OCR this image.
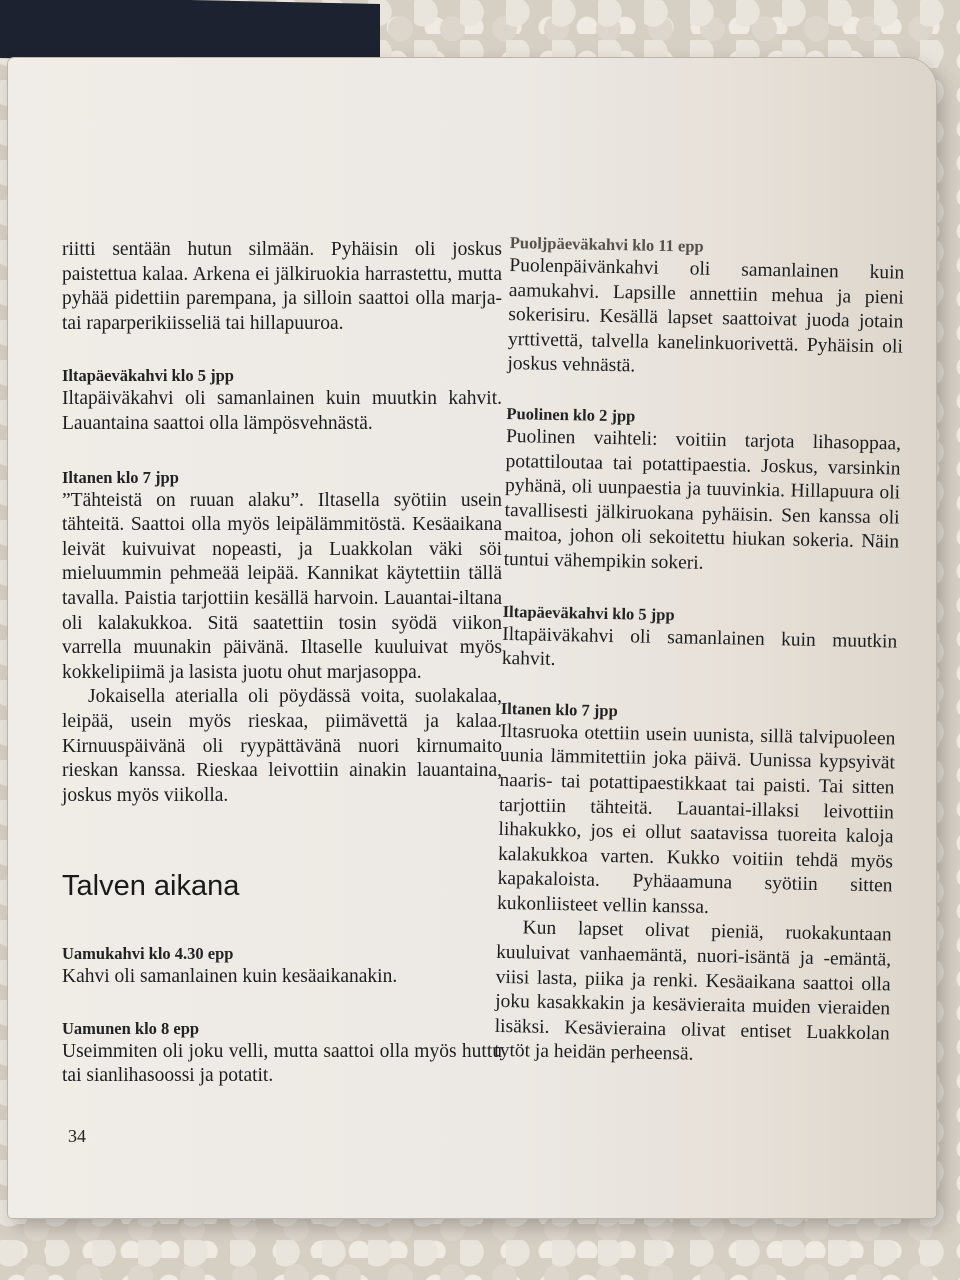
riitti sentään hutun silmään. Pyhäisin oli joskus paistettua kalaa. Arkena ei jälkiruokia harrastettu, mutta pyhää pidettiin parempana, ja silloin saattoi olla marja- tai raparperikiisseliä tai hillapuuroa.

Iltapäeväkahvi klo 5 jpp

Iltapäiväkahvi oli samanlainen kuin muutkin kahvit. Lauantaina saattoi olla lämpösvehnästä.

Iltanen klo 7 jpp

”Tähteistä on ruuan alaku”. Iltasella syötiin usein tähteitä. Saattoi olla myös leipälämmitöstä. Kesäaikana leivät kuivuivat nopeasti, ja Luakkolan väki söi mieluummin pehmeää leipää. Kannikat käytettiin tällä tavalla. Paistia tarjottiin kesällä harvoin. Lauantai-iltana oli kalakukkoa. Sitä saatettiin tosin syödä viikon varrella muunakin päivänä. Iltaselle kuuluivat myös kokkelipiimä ja lasista juotu ohut marjasoppa.

Jokaisella aterialla oli pöydässä voita, suolakalaa, leipää, usein myös rieskaa, piimävettä ja kalaa. Kirnuuspäivänä oli ryypättävänä nuori kirnumaito rieskan kanssa. Rieskaa leivottiin ainakin lauantaina, joskus myös viikolla.

Talven aikana

Uamukahvi klo 4.30 epp

Kahvi oli samanlainen kuin kesäaikanakin.

Uamunen klo 8 epp

Useimmiten oli joku velli, mutta saattoi olla myös huttu tai sianlihasoossi ja potatit.

34

Puoljpäeväkahvi klo 11 epp

Puolenpäivänkahvi oli samanlainen kuin aamukahvi. Lapsille annettiin mehua ja pieni sokerisiru. Kesällä lapset saattoivat juoda jotain yrttivettä, talvella kanelinkuorivettä. Pyhäisin oli joskus vehnästä.

Puolinen klo 2 jpp

Puolinen vaihteli: voitiin tarjota lihasoppaa, potattiloutaa tai potattipaestia. Joskus, varsinkin pyhänä, oli uunpaestia ja tuuvinkia. Hillapuura oli tavallisesti jälkiruokana pyhäisin. Sen kanssa oli maitoa, johon oli sekoitettu hiukan sokeria. Näin tuntui vähempikin sokeri.

Iltapäeväkahvi klo 5 jpp

Iltapäiväkahvi oli samanlainen kuin muutkin kahvit.

Iltanen klo 7 jpp

Iltasruoka otettiin usein uunista, sillä talvipuoleen uunia lämmitettiin joka päivä. Uunissa kypsyivät naaris- tai potattipaestikkaat tai paisti. Tai sitten tarjottiin tähteitä. Lauantai-illaksi leivottiin lihakukko, jos ei ollut saatavissa tuoreita kaloja kalakukkoa varten. Kukko voitiin tehdä myös kapakaloista. Pyhäaamuna syötiin sitten kukonliisteet vellin kanssa.

Kun lapset olivat pieniä, ruokakuntaan kuuluivat vanhaemäntä, nuori-isäntä ja -emäntä, viisi lasta, piika ja renki. Kesäaikana saattoi olla joku kasakkakin ja kesävieraita muiden vieraiden lisäksi. Kesävieraina olivat entiset Luakkolan tytöt ja heidän perheensä.
